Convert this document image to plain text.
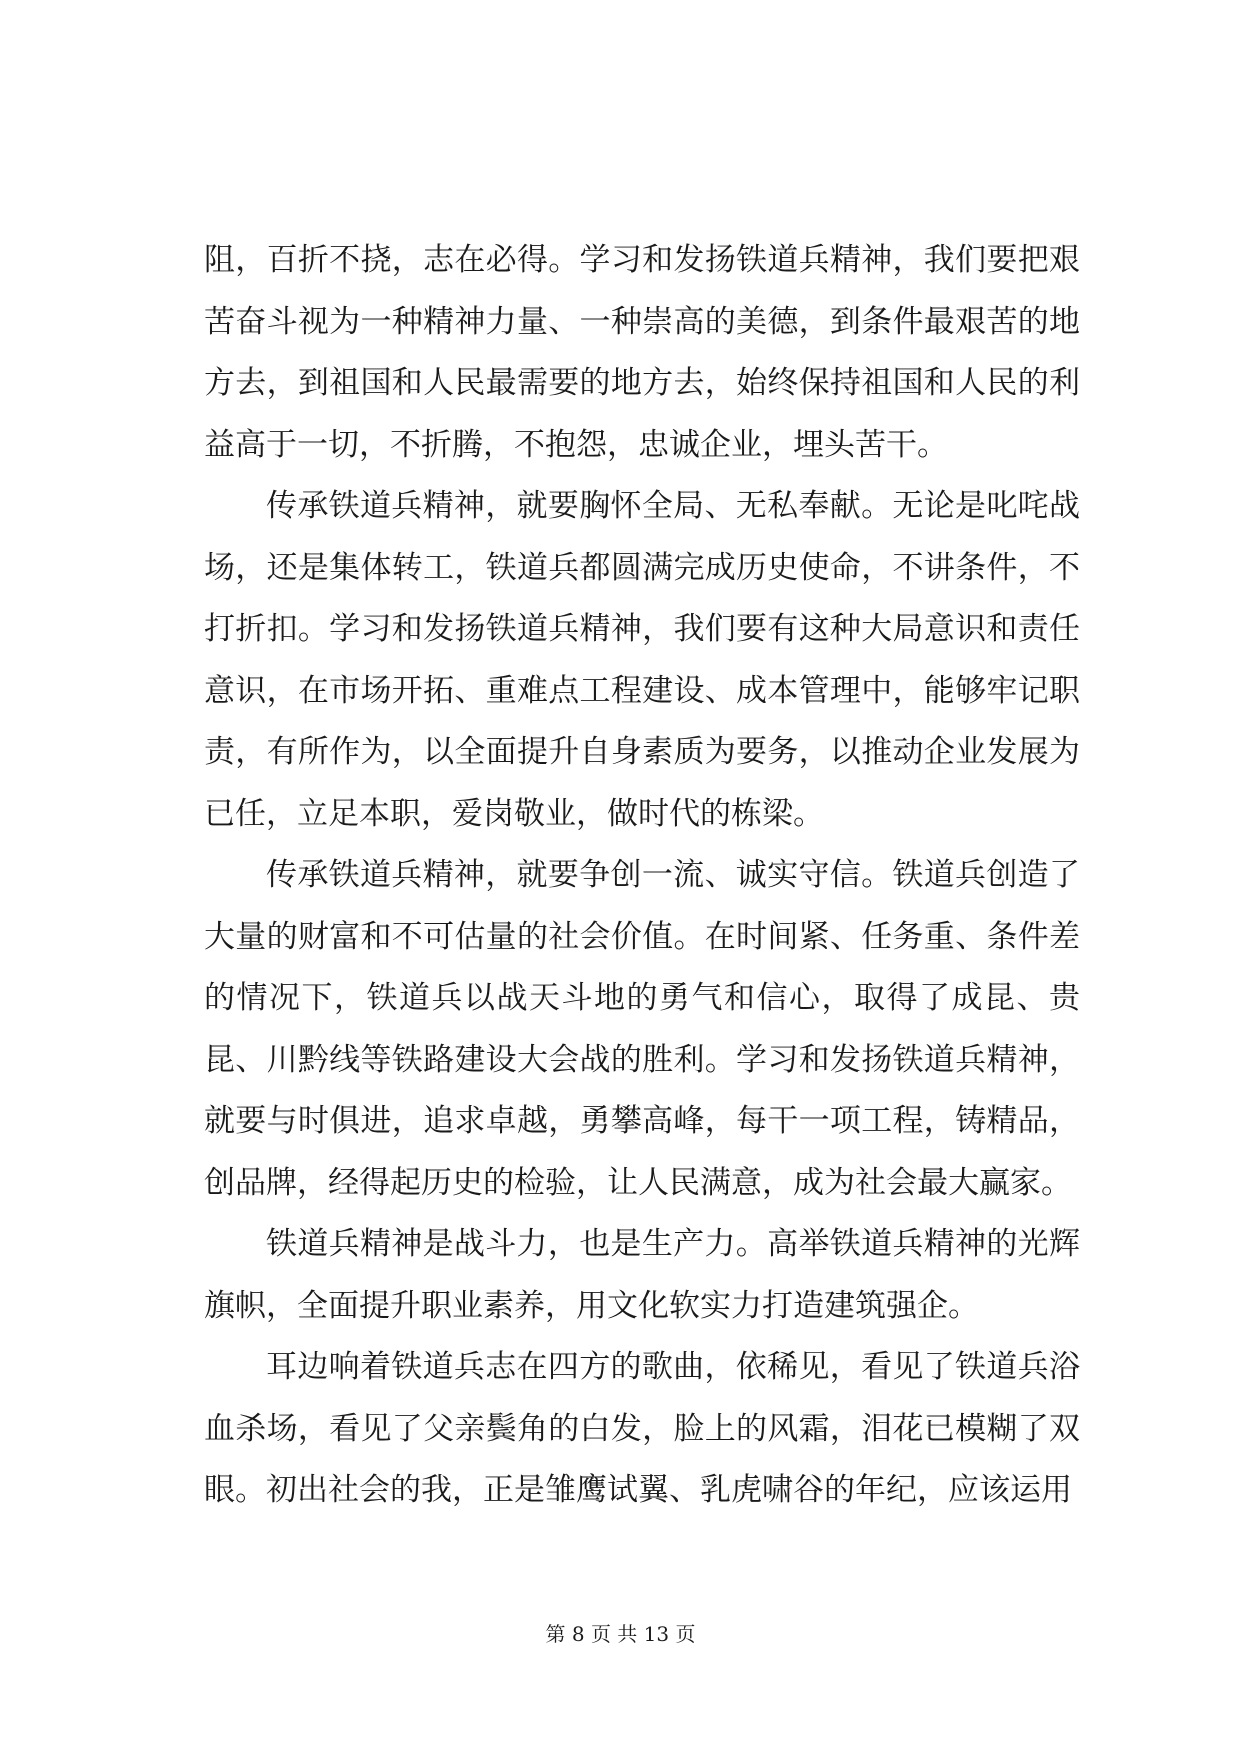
阻，百折不挠，志在必得。学习和发扬铁道兵精神，我们要把艰苦奋斗视为一种精神力量、一种崇高的美德，到条件最艰苦的地方去，到祖国和人民最需要的地方去，始终保持祖国和人民的利益高于一切，不折腾，不抱怨，忠诚企业，埋头苦干。

传承铁道兵精神，就要胸怀全局、无私奉献。无论是叱咤战场，还是集体转工，铁道兵都圆满完成历史使命，不讲条件，不打折扣。学习和发扬铁道兵精神，我们要有这种大局意识和责任意识，在市场开拓、重难点工程建设、成本管理中，能够牢记职责，有所作为，以全面提升自身素质为要务，以推动企业发展为已任，立足本职，爱岗敬业，做时代的栋梁。

传承铁道兵精神，就要争创一流、诚实守信。铁道兵创造了大量的财富和不可估量的社会价值。在时间紧、任务重、条件差的情况下，铁道兵以战天斗地的勇气和信心，取得了成昆、贵昆、川黔线等铁路建设大会战的胜利。学习和发扬铁道兵精神，就要与时俱进，追求卓越，勇攀高峰，每干一项工程，铸精品，创品牌，经得起历史的检验，让人民满意，成为社会最大赢家。

铁道兵精神是战斗力，也是生产力。高举铁道兵精神的光辉旗帜，全面提升职业素养，用文化软实力打造建筑强企。

耳边响着铁道兵志在四方的歌曲，依稀见，看见了铁道兵浴血杀场，看见了父亲鬓角的白发，脸上的风霜，泪花已模糊了双眼。初出社会的我，正是雏鹰试翼、乳虎啸谷的年纪，应该运用

第 8 页 共 13 页
